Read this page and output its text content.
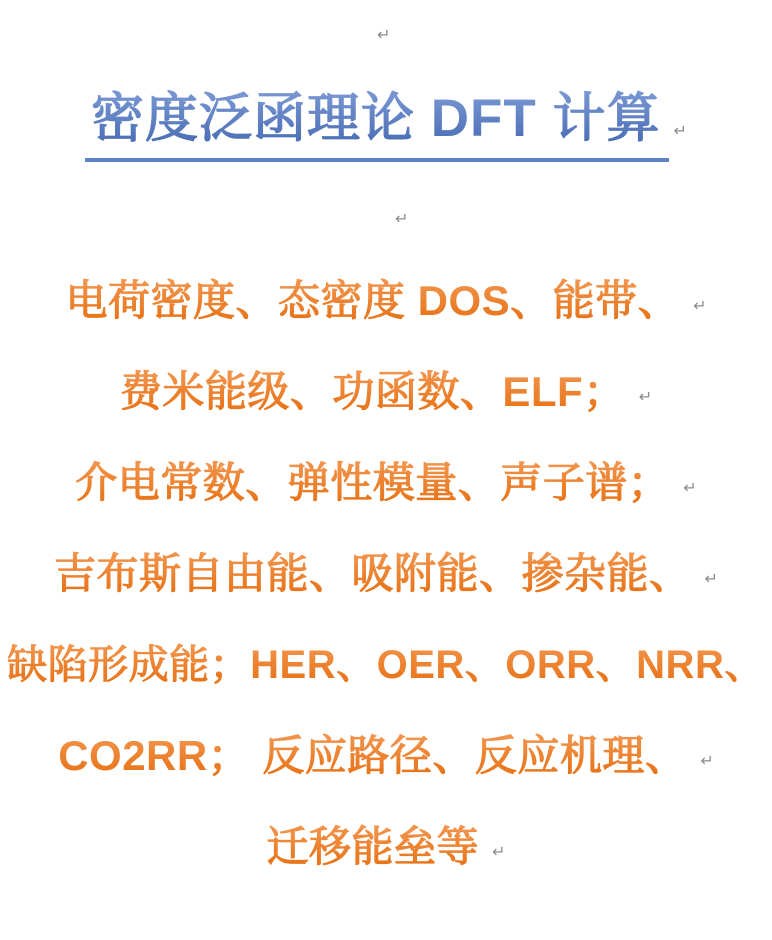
↵
密度泛函理论 DFT 计算 ↵
↵
电荷密度、态密度 DOS、能带、 ↵
费米能级、功函数、ELF； ↵
介电常数、弹性模量、声子谱； ↵
吉布斯自由能、吸附能、掺杂能、 ↵
缺陷形成能；HER、OER、ORR、NRR、
CO2RR； 反应路径、反应机理、 ↵
迁移能垒等 ↵
